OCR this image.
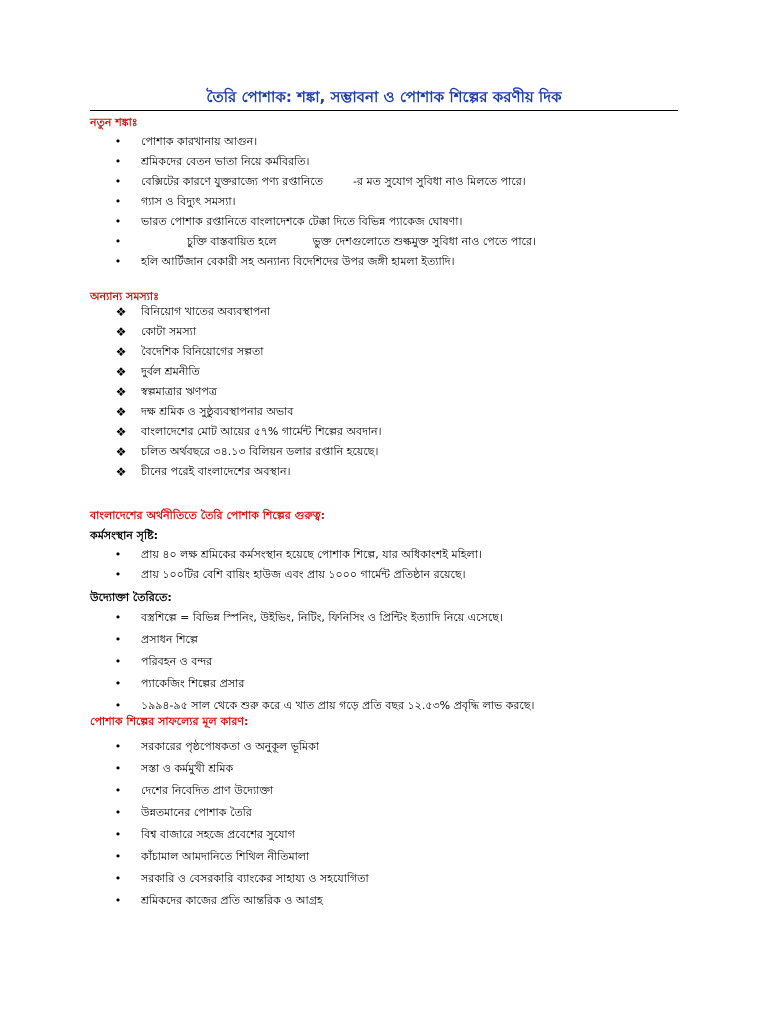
তৈরি পোশাক: শঙ্কা, সম্ভাবনা ও পোশাক শিল্পের করণীয় দিক

নতুন শঙ্কাঃ

• পোশাক কারখানায় আগুন।
• শ্রমিকদের বেতন ভাতা নিয়ে কর্মবিরতি।
• বেক্সিটের কারণে যুক্তরাজ্যে পণ্য রপ্তানিতে	-র মত সুযোগ সুবিধা নাও মিলতে পারে।
• গ্যাস ও বিদ্যুৎ সমস্যা।
• ভারত পোশাক রপ্তানিতে বাংলাদেশকে টেক্কা দিতে বিভিন্ন প্যাকেজ ঘোষণা।
•	চুক্তি বাস্তবায়িত হলে	ভুক্ত দেশগুলোতে শুল্কমুক্ত সুবিধা নাও পেতে পারে।
• হলি আর্টিজান বেকারী সহ অন্যান্য বিদেশিদের উপর জঙ্গী হামলা ইত্যাদি।

অন্যান্য সমস্যাঃ

❖ বিনিয়োগ খাতের অব্যবস্থাপনা
❖ কোটা সমস্যা
❖ বৈদেশিক বিনিয়োগের সল্পতা
❖ দুর্বল শ্রমনীতি
❖ স্বল্পমাত্রার ঋণপত্র
❖ দক্ষ শ্রমিক ও সুষ্ঠুব্যবস্থাপনার অভাব
❖ বাংলাদেশের মোট আয়ের ৫৭% গার্মেন্ট শিল্পের অবদান।
❖ চলিত অর্থবছরে ৩৪.১৩ বিলিয়ন ডলার রপ্তানি হয়েছে।
❖ চীনের পরেই বাংলাদেশের অবস্থান।

বাংলাদেশের অর্থনীতিতে তৈরি পোশাক শিল্পের গুরুত্ব:

কর্মসংস্থান সৃষ্টি:

• প্রায় ৪০ লক্ষ শ্রমিকের কর্মসংস্থান হয়েছে পোশাক শিল্পে, যার অধিকাংশই মহিলা।
• প্রায় ১০০টির বেশি বায়িং হাউজ এবং প্রায় ১০০০ গার্মেন্ট প্রতিষ্ঠান রয়েছে।

উদ্যোক্তা তৈরিতে:

• বস্ত্রশিল্পে = বিভিন্ন স্পিনিং, উইভিং, নিটিং, ফিনিসিং ও প্রিন্টিং ইত্যাদি নিয়ে এসেছে।
• প্রসাধন শিল্পে
• পরিবহন ও বন্দর
• প্যাকেজিং শিল্পের প্রসার
• ১৯৯৪-৯৫ সাল থেকে শুরু করে এ খাত প্রায় গড়ে প্রতি বছর ১২.৫৩% প্রবৃদ্ধি লাভ করছে।

পোশাক শিল্পের সাফল্যের মূল কারণ:

• সরকারের পৃষ্ঠপোষকতা ও অনুকূল ভূমিকা
• সস্তা ও কর্মমুখী শ্রমিক
• দেশের নিবেদিত প্রাণ উদ্যোক্তা
• উন্নতমানের পোশাক তৈরি
• বিশ্ব বাজারে সহজে প্রবেশের সুযোগ
• কাঁচামাল আমদানিতে শিথিল নীতিমালা
• সরকারি ও বেসরকারি ব্যাংকের সাহায্য ও সহযোগিতা
• শ্রমিকদের কাজের প্রতি আন্তরিক ও আগ্রহ
